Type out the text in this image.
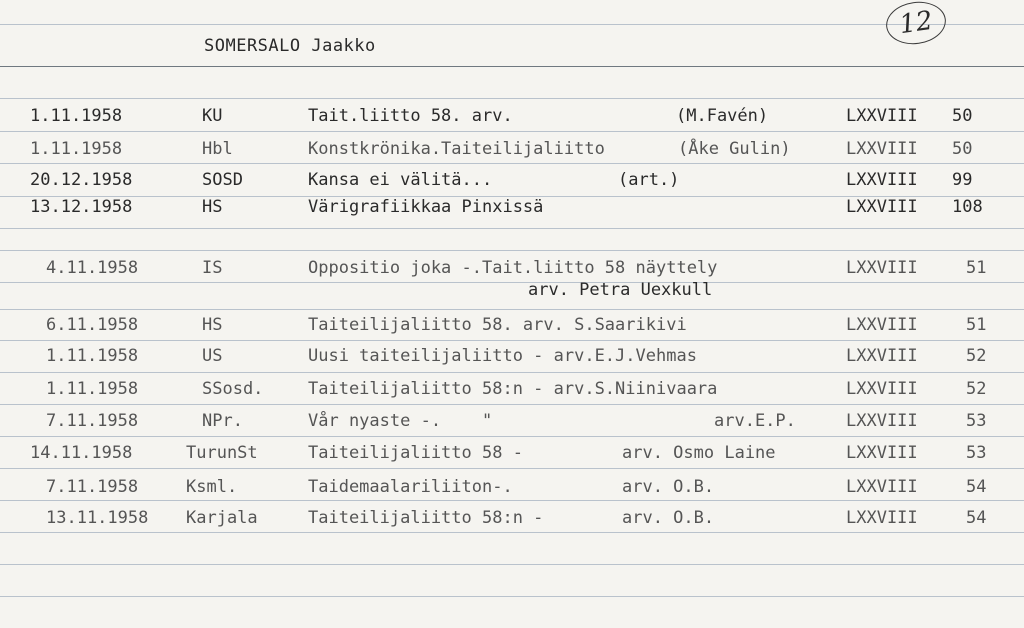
SOMERSALO Jaakko
12
1.11.1958	KU	Tait.liitto 58. arv.	(M.Favén)	LXXVIII 50
1.11.1958	Hbl	Konstkrönika.Taiteilijaliitto	(Åke Gulin)	LXXVIII 50
20.12.1958	SOSD	Kansa ei välitä...	(art.)	LXXVIII 99
13.12.1958	HS	Värigrafiikkaa Pinxissä	LXXVIII 108
4.11.1958	IS	Oppositio joka -.Tait.liitto 58 näyttely	LXXVIII	51
arv. Petra Uexkull
6.11.1958	HS	Taiteilijaliitto 58. arv. S.Saarikivi	LXXVIII	51
1.11.1958	US	Uusi taiteilijaliitto - arv.E.J.Vehmas	LXXVIII	52
1.11.1958	SSosd.	Taiteilijaliitto 58:n - arv.S.Niinivaara	LXXVIII	52
7.11.1958	NPr.	Vår nyaste -.    "	arv.E.P.	LXXVIII	53
14.11.1958	TurunSt	Taiteilijaliitto 58 -	arv. Osmo Laine	LXXVIII	53
7.11.1958	Ksml.	Taidemaalariliiton-.	arv. O.B.	LXXVIII	54
13.11.1958 Karjala	Taiteilijaliitto 58:n -	arv. O.B.	LXXVIII	54
